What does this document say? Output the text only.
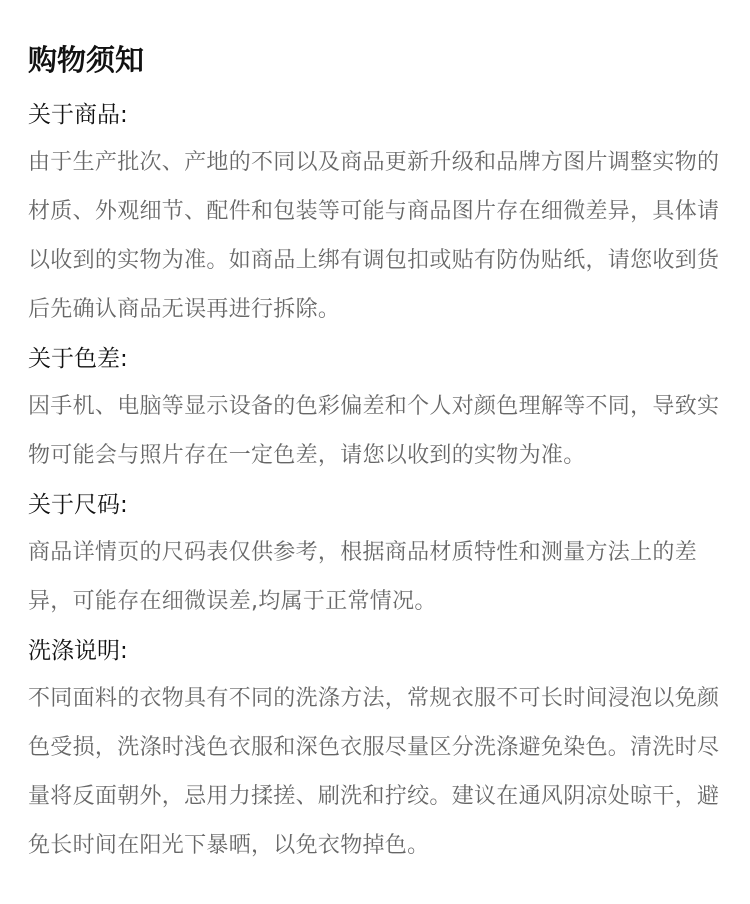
购物须知
关于商品:
由于生产批次、产地的不同以及商品更新升级和品牌方图片调整实物的材质、外观细节、配件和包装等可能与商品图片存在细微差异，具体请以收到的实物为准。如商品上绑有调包扣或贴有防伪贴纸，请您收到货后先确认商品无误再进行拆除。
关于色差:
因手机、电脑等显示设备的色彩偏差和个人对颜色理解等不同，导致实物可能会与照片存在一定色差，请您以收到的实物为准。
关于尺码:
商品详情页的尺码表仅供参考，根据商品材质特性和测量方法上的差异，可能存在细微误差,均属于正常情况。
洗涤说明:
不同面料的衣物具有不同的洗涤方法，常规衣服不可长时间浸泡以免颜色受损，洗涤时浅色衣服和深色衣服尽量区分洗涤避免染色。清洗时尽量将反面朝外，忌用力揉搓、刷洗和拧绞。建议在通风阴凉处晾干，避免长时间在阳光下暴晒，以免衣物掉色。
